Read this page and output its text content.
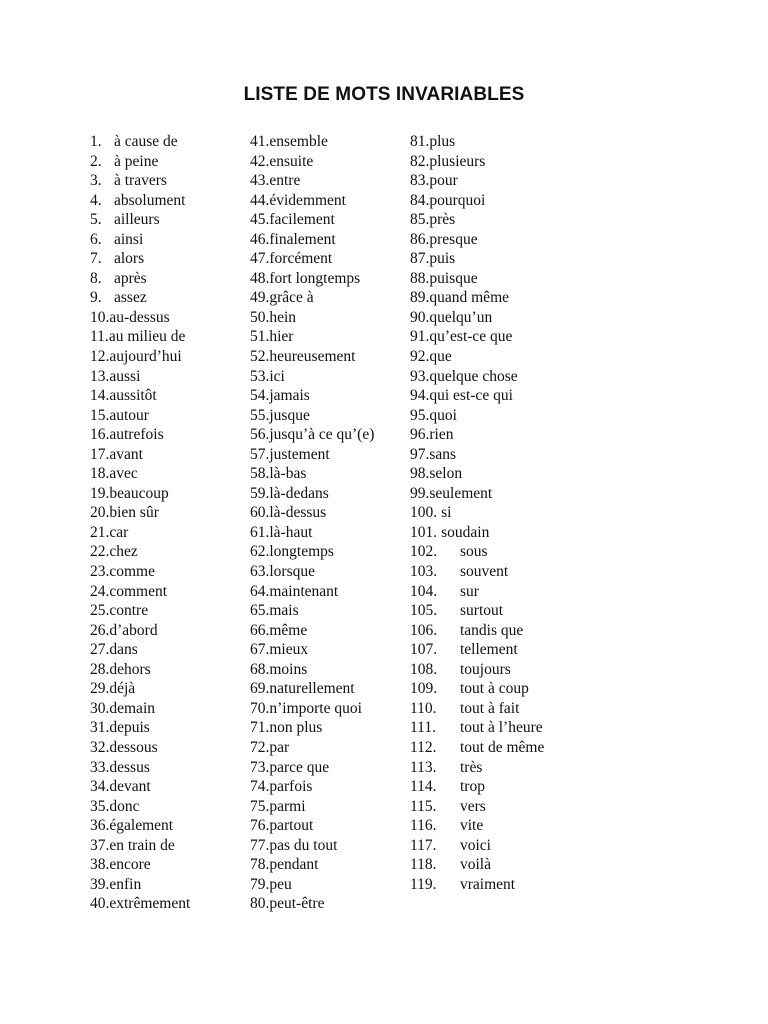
LISTE DE MOTS INVARIABLES
1. à cause de
2. à peine
3. à travers
4. absolument
5. ailleurs
6. ainsi
7. alors
8. après
9. assez
10. au-dessus
11. au milieu de
12. aujourd’hui
13. aussi
14. aussitôt
15. autour
16. autrefois
17. avant
18. avec
19. beaucoup
20. bien sûr
21. car
22. chez
23. comme
24. comment
25. contre
26. d’abord
27. dans
28. dehors
29. déjà
30. demain
31. depuis
32. dessous
33. dessus
34. devant
35. donc
36. également
37. en train de
38. encore
39. enfin
40. extrêmement
41. ensemble
42. ensuite
43. entre
44. évidemment
45. facilement
46. finalement
47. forcément
48. fort longtemps
49. grâce à
50. hein
51. hier
52. heureusement
53. ici
54. jamais
55. jusque
56. jusqu’à ce qu’(e)
57. justement
58. là-bas
59. là-dedans
60. là-dessus
61. là-haut
62. longtemps
63. lorsque
64. maintenant
65. mais
66. même
67. mieux
68. moins
69. naturellement
70. n’importe quoi
71. non plus
72. par
73. parce que
74. parfois
75. parmi
76. partout
77. pas du tout
78. pendant
79. peu
80. peut-être
81. plus
82. plusieurs
83. pour
84. pourquoi
85. près
86. presque
87. puis
88. puisque
89. quand même
90. quelqu’un
91. qu’est-ce que
92. que
93. quelque chose
94. qui est-ce qui
95. quoi
96. rien
97. sans
98. selon
99. seulement
100. si
101. soudain
102.	sous
103.	souvent
104.	sur
105.	surtout
106.	tandis que
107.	tellement
108.	toujours
109.	tout à coup
110.	tout à fait
111.	tout à l’heure
112.	tout de même
113.	très
114.	trop
115.	vers
116.	vite
117.	voici
118.	voilà
119.	vraiment
